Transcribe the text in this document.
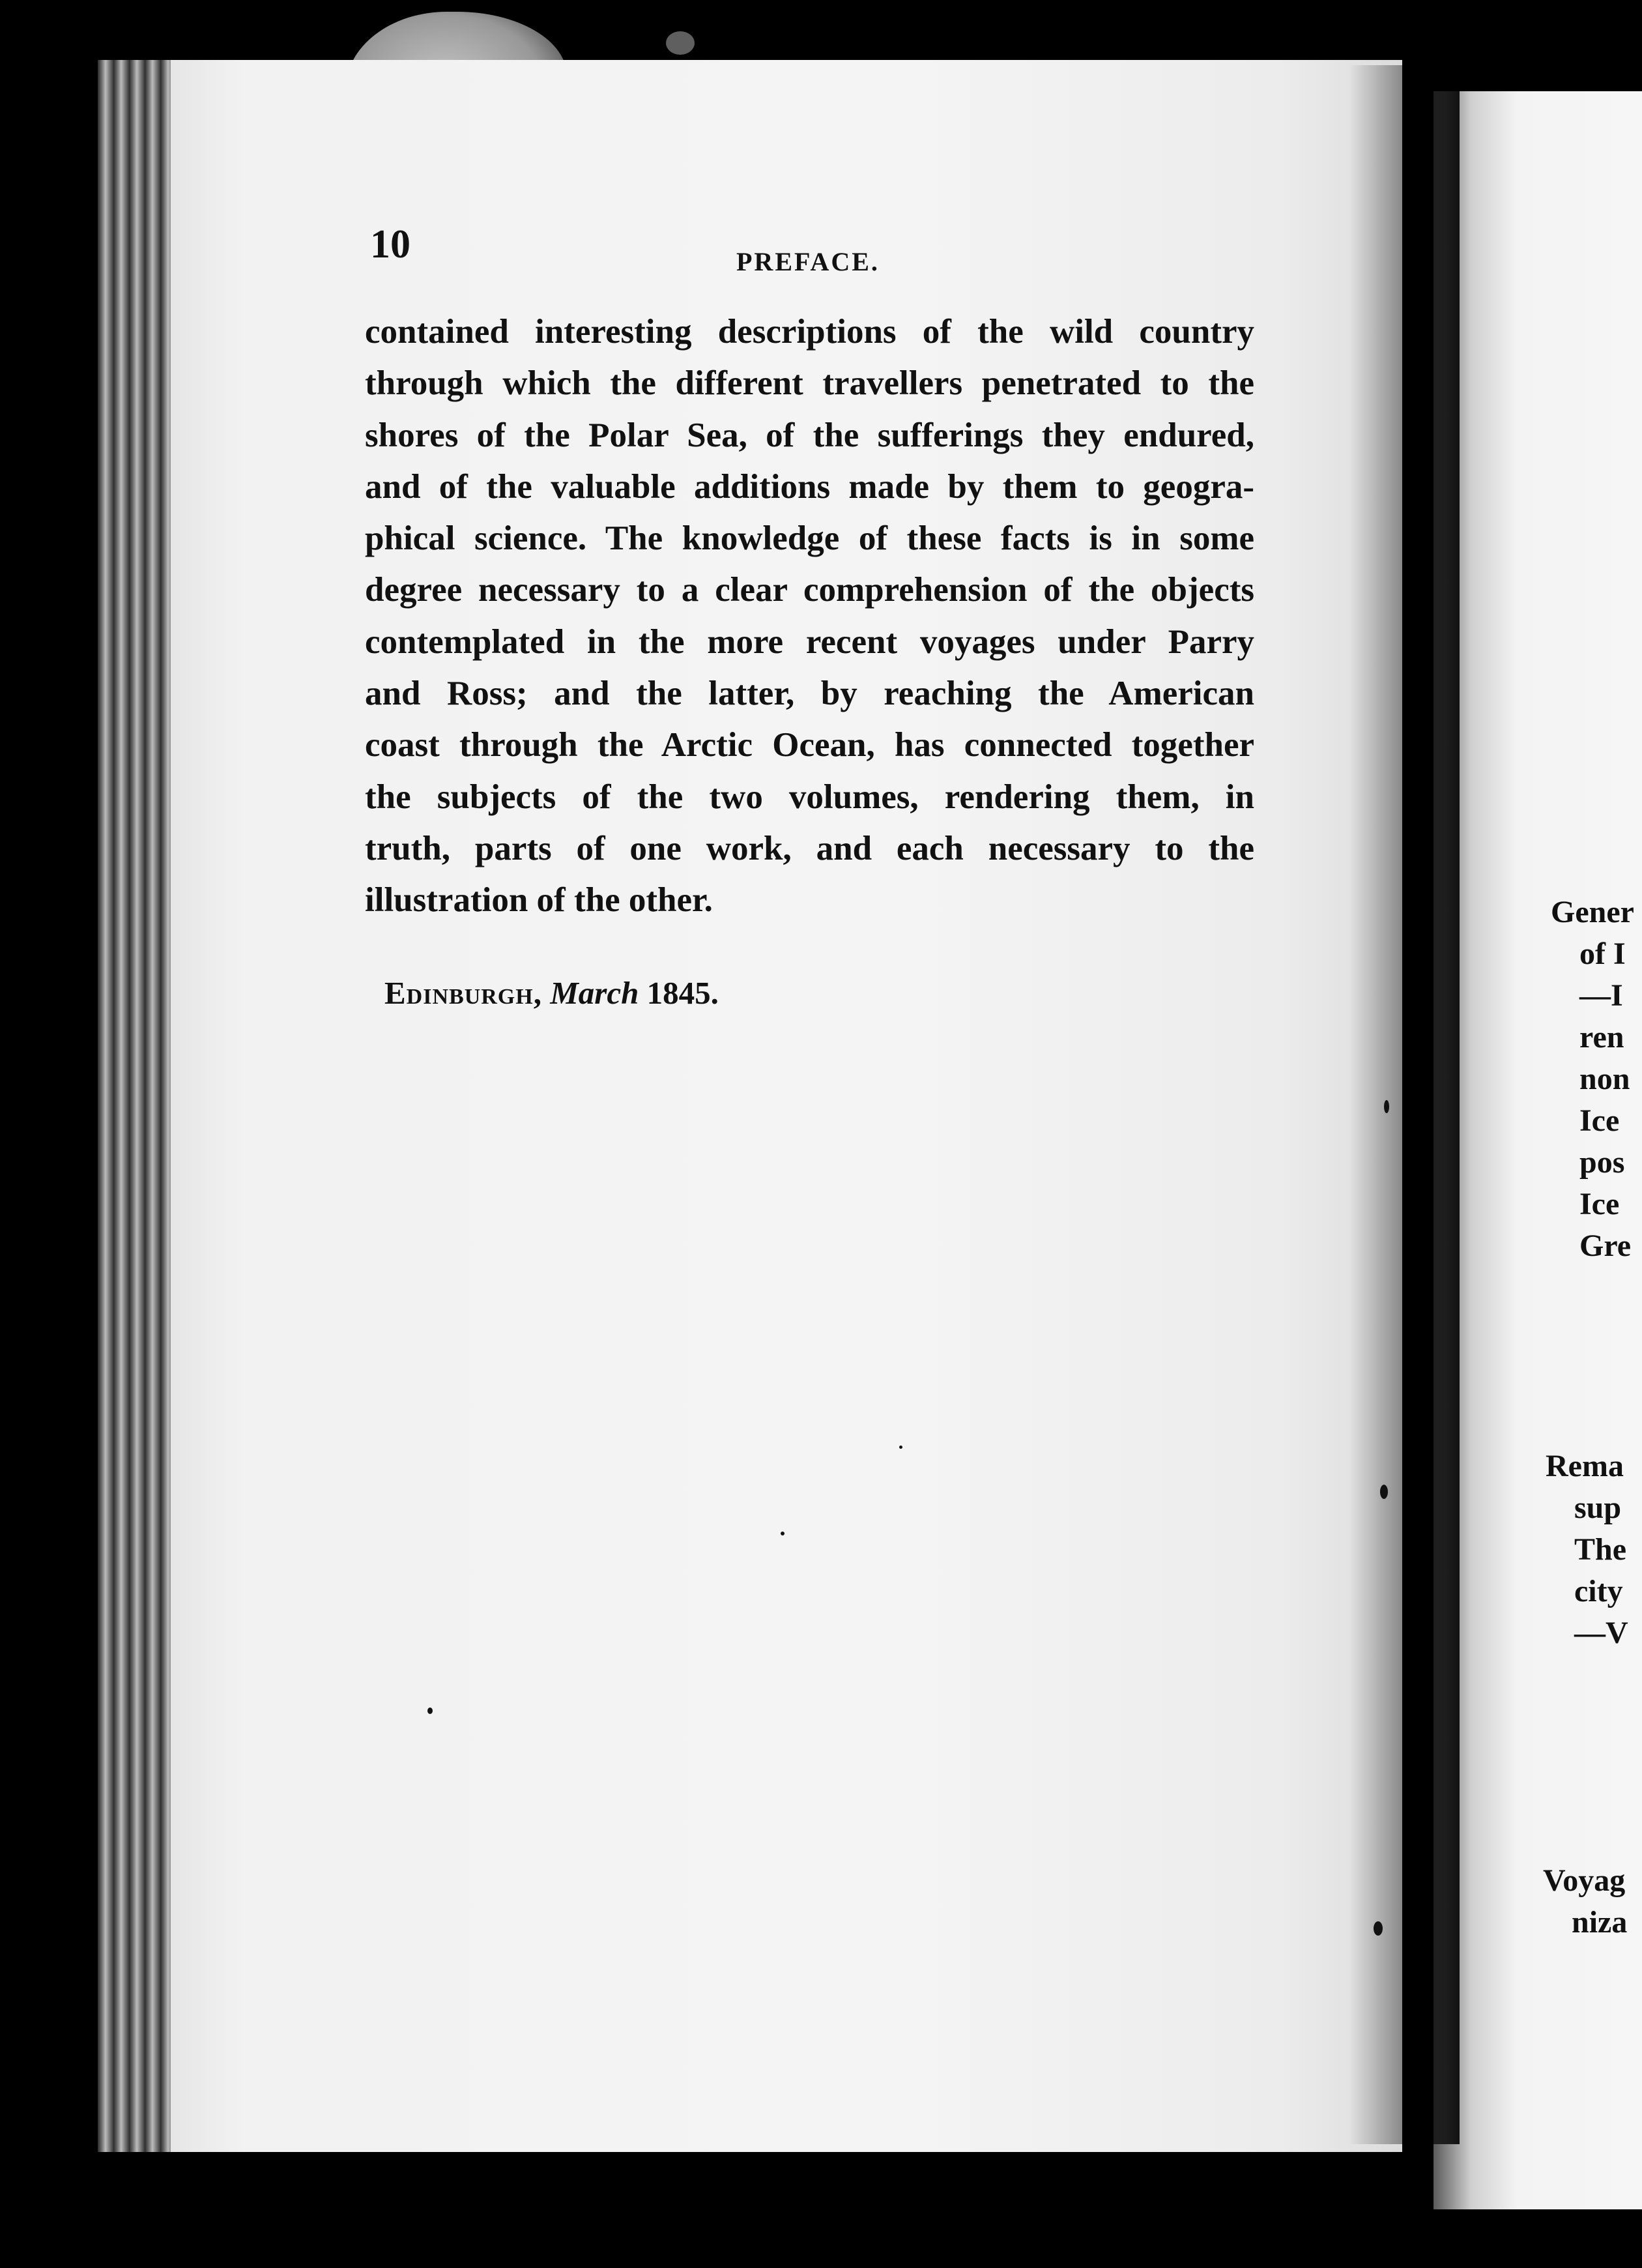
10	PREFACE.
contained interesting descriptions of the wild country
through which the different travellers penetrated to the
shores of the Polar Sea, of the sufferings they endured,
and of the valuable additions made by them to geogra-
phical science. The knowledge of these facts is in some
degree necessary to a clear comprehension of the objects
contemplated in the more recent voyages under Parry
and Ross; and the latter, by reaching the American
coast through the Arctic Ocean, has connected together
the subjects of the two volumes, rendering them, in
truth, parts of one work, and each necessary to the
illustration of the other.
Edinburgh, March 1845.
Gener
of I
—I
ren
non
Ice
pos
Ice
Gre
Rema
sup
The
city
—V
Voyag
niza
